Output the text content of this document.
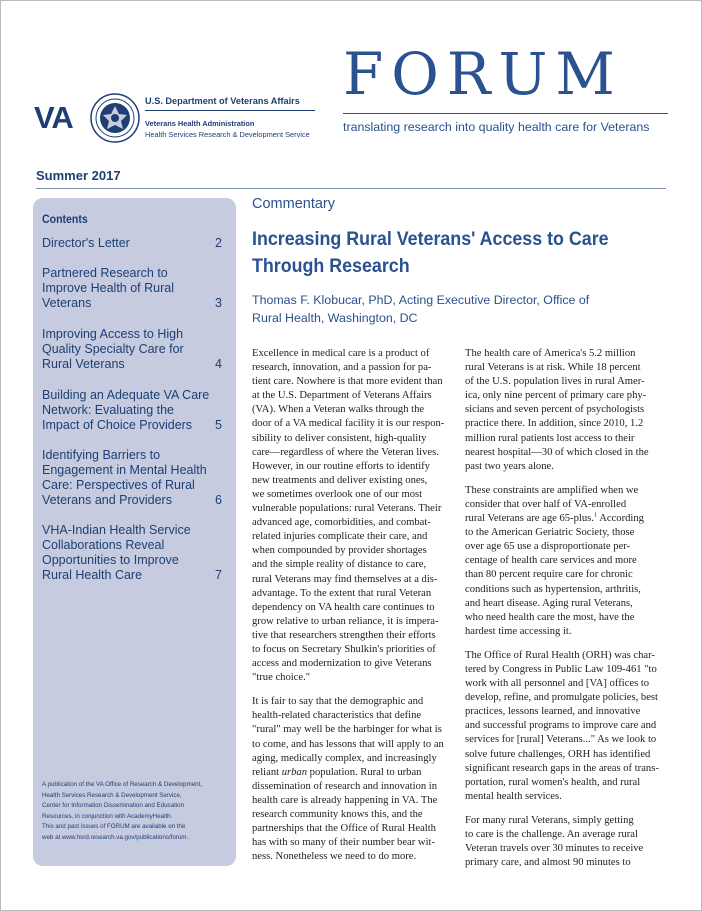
VA	U.S. Department of Veterans Affairs
Veterans Health Administration
Health Services Research & Development Service
FORUM
translating research into quality health care for Veterans
Summer 2017
Contents
Director's Letter	2
Partnered Research to Improve Health of Rural Veterans	3
Improving Access to High Quality Specialty Care for Rural Veterans	4
Building an Adequate VA Care Network: Evaluating the Impact of Choice Providers	5
Identifying Barriers to Engagement in Mental Health Care: Perspectives of Rural Veterans and Providers	6
VHA-Indian Health Service Collaborations Reveal Opportunities to Improve Rural Health Care	7
A publication of the VA Office of Research & Development,
Health Services Research & Development Service,
Center for Information Dissemination and Education
Resources, in conjunction with AcademyHealth.
This and past issues of FORUM are available on the
web at www.hsrd.research.va.gov/publications/forum.
Commentary
Increasing Rural Veterans' Access to Care
Through Research
Thomas F. Klobucar, PhD, Acting Executive Director, Office of
Rural Health, Washington, DC
Excellence in medical care is a product of
research, innovation, and a passion for pa-
tient care. Nowhere is that more evident than
at the U.S. Department of Veterans Affairs
(VA). When a Veteran walks through the
door of a VA medical facility it is our respon-
sibility to deliver consistent, high-quality
care—regardless of where the Veteran lives.
However, in our routine efforts to identify
new treatments and deliver existing ones,
we sometimes overlook one of our most
vulnerable populations: rural Veterans. Their
advanced age, comorbidities, and combat-
related injuries complicate their care, and
when compounded by provider shortages
and the simple reality of distance to care,
rural Veterans may find themselves at a dis-
advantage. To the extent that rural Veteran
dependency on VA health care continues to
grow relative to urban reliance, it is impera-
tive that researchers strengthen their efforts
to focus on Secretary Shulkin's priorities of
access and modernization to give Veterans
"true choice."
It is fair to say that the demographic and
health-related characteristics that define
"rural" may well be the harbinger for what is
to come, and has lessons that will apply to an
aging, medically complex, and increasingly
reliant urban population. Rural to urban
dissemination of research and innovation in
health care is already happening in VA. The
research community knows this, and the
partnerships that the Office of Rural Health
has with so many of their number bear wit-
ness. Nonetheless we need to do more.
The health care of America's 5.2 million
rural Veterans is at risk. While 18 percent
of the U.S. population lives in rural Amer-
ica, only nine percent of primary care phy-
sicians and seven percent of psychologists
practice there. In addition, since 2010, 1.2
million rural patients lost access to their
nearest hospital—30 of which closed in the
past two years alone.
These constraints are amplified when we
consider that over half of VA-enrolled
rural Veterans are age 65-plus.$^1$ According
to the American Geriatric Society, those
over age 65 use a disproportionate per-
centage of health care services and more
than 80 percent require care for chronic
conditions such as hypertension, arthritis,
and heart disease. Aging rural Veterans,
who need health care the most, have the
hardest time accessing it.
The Office of Rural Health (ORH) was char-
tered by Congress in Public Law 109-461 "to
work with all personnel and [VA] offices to
develop, refine, and promulgate policies, best
practices, lessons learned, and innovative
and successful programs to improve care and
services for [rural] Veterans..." As we look to
solve future challenges, ORH has identified
significant research gaps in the areas of trans-
portation, rural women's health, and rural
mental health services.
For many rural Veterans, simply getting
to care is the challenge. An average rural
Veteran travels over 30 minutes to receive
primary care, and almost 90 minutes to
